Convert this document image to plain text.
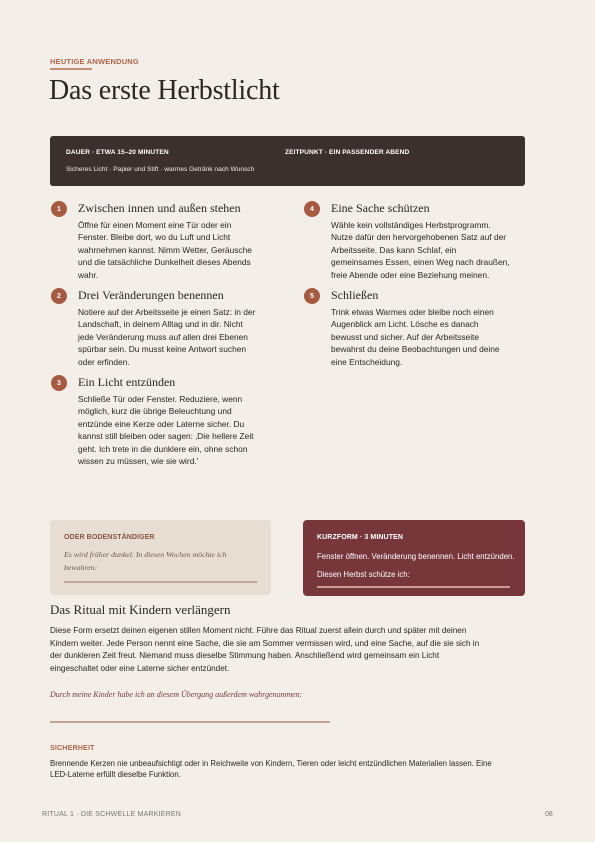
HEUTIGE ANWENDUNG
Das erste Herbstlicht
DAUER · ETWA 15–20 MINUTEN	ZEITPUNKT · EIN PASSENDER ABEND
Sicheres Licht · Papier und Stift · warmes Getränk nach Wunsch
1	Zwischen innen und außen stehen
Öffne für einen Moment eine Tür oder ein
Fenster. Bleibe dort, wo du Luft und Licht
wahrnehmen kannst. Nimm Wetter, Geräusche
und die tatsächliche Dunkelheit dieses Abends
wahr.
2	Drei Veränderungen benennen
Notiere auf der Arbeitsseite je einen Satz: in der
Landschaft, in deinem Alltag und in dir. Nicht
jede Veränderung muss auf allen drei Ebenen
spürbar sein. Du musst keine Antwort suchen
oder erfinden.
3	Ein Licht entzünden
Schließe Tür oder Fenster. Reduziere, wenn
möglich, kurz die übrige Beleuchtung und
entzünde eine Kerze oder Laterne sicher. Du
kannst still bleiben oder sagen: ‚Die hellere Zeit
geht. Ich trete in die dunklere ein, ohne schon
wissen zu müssen, wie sie wird.'
4	Eine Sache schützen
Wähle kein vollständiges Herbstprogramm.
Nutze dafür den hervorgehobenen Satz auf der
Arbeitsseite. Das kann Schlaf, ein
gemeinsames Essen, einen Weg nach draußen,
freie Abende oder eine Beziehung meinen.
5	Schließen
Trink etwas Warmes oder bleibe noch einen
Augenblick am Licht. Lösche es danach
bewusst und sicher. Auf der Arbeitsseite
bewahrst du deine Beobachtungen und deine
eine Entscheidung.
ODER BODENSTÄNDIGER
Es wird früher dunkel. In diesen Wochen möchte ich
bewahren:
KURZFORM · 3 MINUTEN
Fenster öffnen. Veränderung benennen. Licht entzünden.
Diesen Herbst schütze ich:
Das Ritual mit Kindern verlängern
Diese Form ersetzt deinen eigenen stillen Moment nicht. Führe das Ritual zuerst allein durch und später mit deinen
Kindern weiter. Jede Person nennt eine Sache, die sie am Sommer vermissen wird, und eine Sache, auf die sie sich in
der dunkleren Zeit freut. Niemand muss dieselbe Stimmung haben. Anschließend wird gemeinsam ein Licht
eingeschaltet oder eine Laterne sicher entzündet.
Durch meine Kinder habe ich an diesem Übergang außerdem wahrgenommen:
SICHERHEIT
Brennende Kerzen nie unbeaufsichtigt oder in Reichweite von Kindern, Tieren oder leicht entzündlichen Materialien lassen. Eine
LED-Laterne erfüllt dieselbe Funktion.
RITUAL 1 · DIE SCHWELLE MARKIEREN	08
